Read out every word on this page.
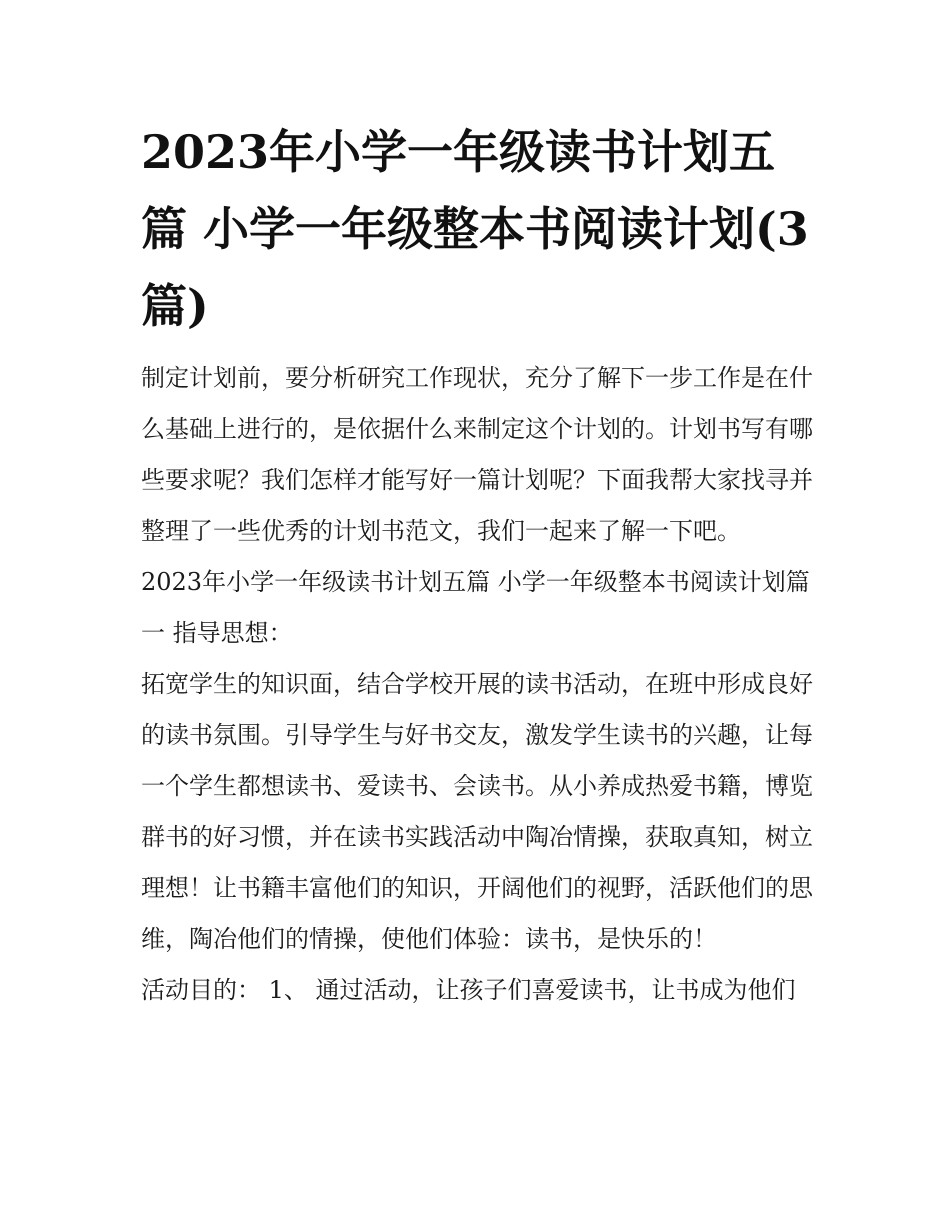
2023年小学一年级读书计划五篇 小学一年级整本书阅读计划(3篇)

制定计划前，要分析研究工作现状，充分了解下一步工作是在什么基础上进行的，是依据什么来制定这个计划的。计划书写有哪些要求呢？我们怎样才能写好一篇计划呢？下面我帮大家找寻并整理了一些优秀的计划书范文，我们一起来了解一下吧。

2023年小学一年级读书计划五篇 小学一年级整本书阅读计划篇一 指导思想：

拓宽学生的知识面，结合学校开展的读书活动，在班中形成良好的读书氛围。引导学生与好书交友，激发学生读书的兴趣，让每一个学生都想读书、爱读书、会读书。从小养成热爱书籍，博览群书的好习惯，并在读书实践活动中陶冶情操，获取真知，树立理想！让书籍丰富他们的知识，开阔他们的视野，活跃他们的思维，陶冶他们的情操，使他们体验：读书，是快乐的！

活动目的： 1、 通过活动，让孩子们喜爱读书，让书成为他们
